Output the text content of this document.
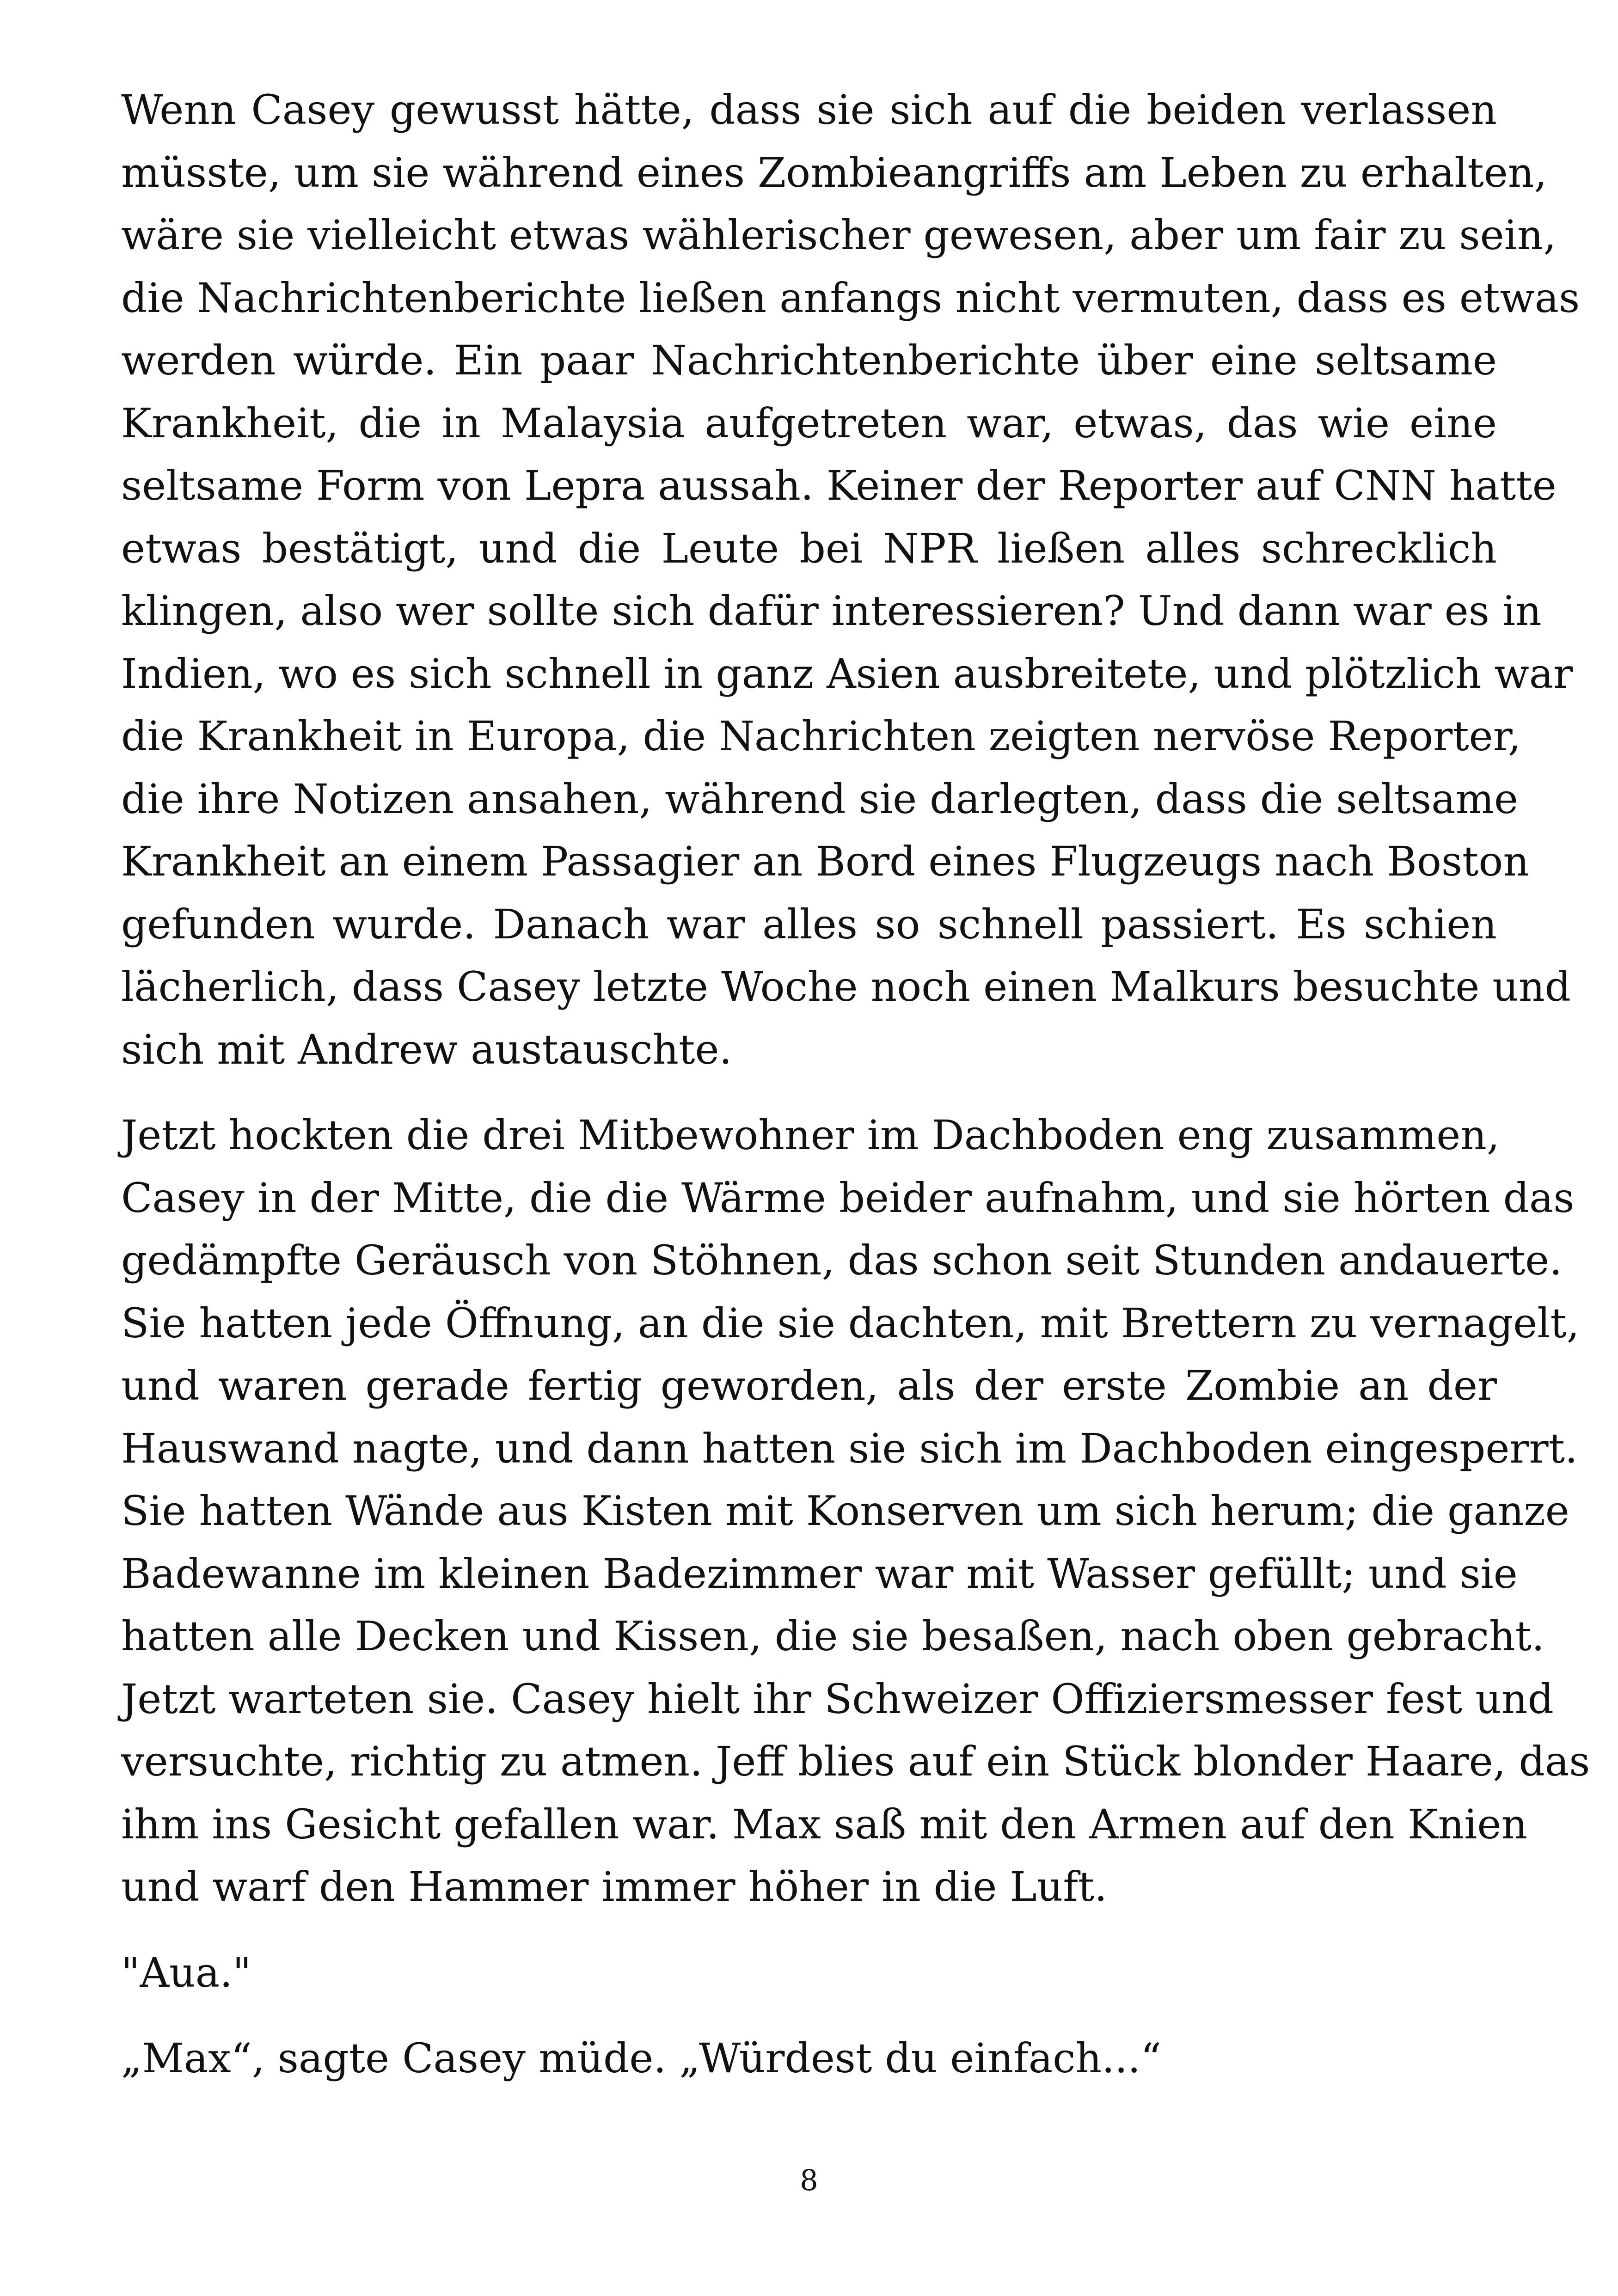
Wenn Casey gewusst hätte, dass sie sich auf die beiden verlassen
müsste, um sie während eines Zombieangriffs am Leben zu erhalten,
wäre sie vielleicht etwas wählerischer gewesen, aber um fair zu sein,
die Nachrichtenberichte ließen anfangs nicht vermuten, dass es etwas
werden würde. Ein paar Nachrichtenberichte über eine seltsame
Krankheit, die in Malaysia aufgetreten war, etwas, das wie eine
seltsame Form von Lepra aussah. Keiner der Reporter auf CNN hatte
etwas bestätigt, und die Leute bei NPR ließen alles schrecklich
klingen, also wer sollte sich dafür interessieren? Und dann war es in
Indien, wo es sich schnell in ganz Asien ausbreitete, und plötzlich war
die Krankheit in Europa, die Nachrichten zeigten nervöse Reporter,
die ihre Notizen ansahen, während sie darlegten, dass die seltsame
Krankheit an einem Passagier an Bord eines Flugzeugs nach Boston
gefunden wurde. Danach war alles so schnell passiert. Es schien
lächerlich, dass Casey letzte Woche noch einen Malkurs besuchte und
sich mit Andrew austauschte.
Jetzt hockten die drei Mitbewohner im Dachboden eng zusammen,
Casey in der Mitte, die die Wärme beider aufnahm, und sie hörten das
gedämpfte Geräusch von Stöhnen, das schon seit Stunden andauerte.
Sie hatten jede Öffnung, an die sie dachten, mit Brettern zu vernagelt,
und waren gerade fertig geworden, als der erste Zombie an der
Hauswand nagte, und dann hatten sie sich im Dachboden eingesperrt.
Sie hatten Wände aus Kisten mit Konserven um sich herum; die ganze
Badewanne im kleinen Badezimmer war mit Wasser gefüllt; und sie
hatten alle Decken und Kissen, die sie besaßen, nach oben gebracht.
Jetzt warteten sie. Casey hielt ihr Schweizer Offiziersmesser fest und
versuchte, richtig zu atmen. Jeff blies auf ein Stück blonder Haare, das
ihm ins Gesicht gefallen war. Max saß mit den Armen auf den Knien
und warf den Hammer immer höher in die Luft.
"Aua."
„Max“, sagte Casey müde. „Würdest du einfach...“
8
